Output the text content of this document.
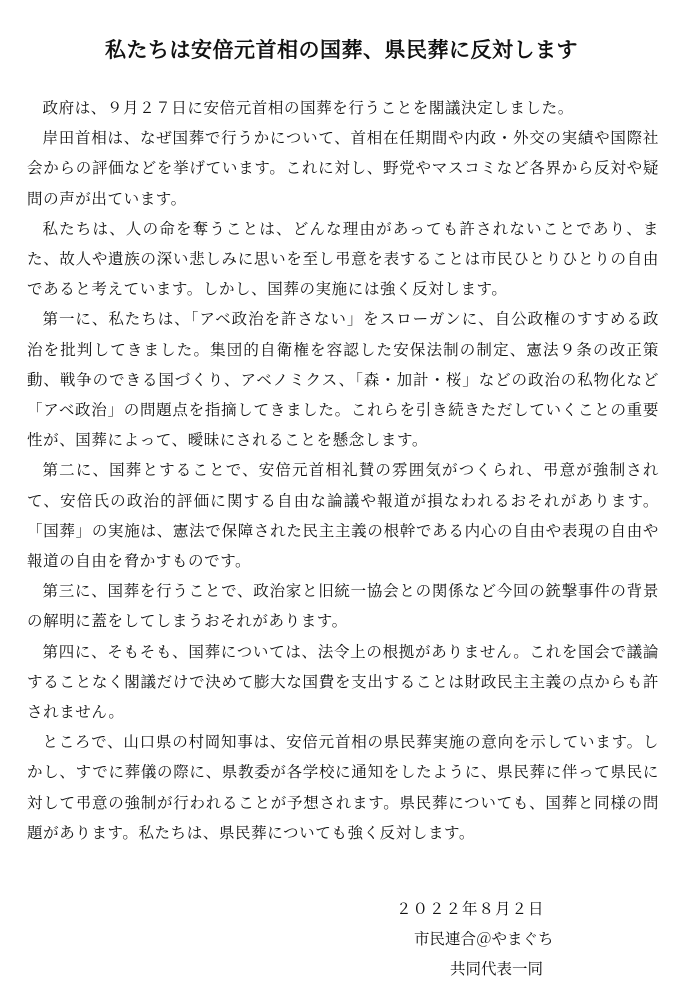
私たちは安倍元首相の国葬、県民葬に反対します

政府は、９月２７日に安倍元首相の国葬を行うことを閣議決定しました。

岸田首相は、なぜ国葬で行うかについて、首相在任期間や内政・外交の実績や国際社会からの評価などを挙げています。これに対し、野党やマスコミなど各界から反対や疑問の声が出ています。

私たちは、人の命を奪うことは、どんな理由があっても許されないことであり、また、故人や遺族の深い悲しみに思いを至し弔意を表することは市民ひとりひとりの自由であると考えています。しかし、国葬の実施には強く反対します。

第一に、私たちは、「アベ政治を許さない」をスローガンに、自公政権のすすめる政治を批判してきました。集団的自衛権を容認した安保法制の制定、憲法９条の改正策動、戦争のできる国づくり、アベノミクス、「森・加計・桜」などの政治の私物化など「アベ政治」の問題点を指摘してきました。これらを引き続きただしていくことの重要性が、国葬によって、曖昧にされることを懸念します。

第二に、国葬とすることで、安倍元首相礼賛の雰囲気がつくられ、弔意が強制されて、安倍氏の政治的評価に関する自由な論議や報道が損なわれるおそれがあります。「国葬」の実施は、憲法で保障された民主主義の根幹である内心の自由や表現の自由や報道の自由を脅かすものです。

第三に、国葬を行うことで、政治家と旧統一協会との関係など今回の銃撃事件の背景の解明に蓋をしてしまうおそれがあります。

第四に、そもそも、国葬については、法令上の根拠がありません。これを国会で議論することなく閣議だけで決めて膨大な国費を支出することは財政民主主義の点からも許されません。

ところで、山口県の村岡知事は、安倍元首相の県民葬実施の意向を示しています。しかし、すでに葬儀の際に、県教委が各学校に通知をしたように、県民葬に伴って県民に対して弔意の強制が行われることが予想されます。県民葬についても、国葬と同様の問題があります。私たちは、県民葬についても強く反対します。

２０２２年８月２日
市民連合＠やまぐち
共同代表一同
